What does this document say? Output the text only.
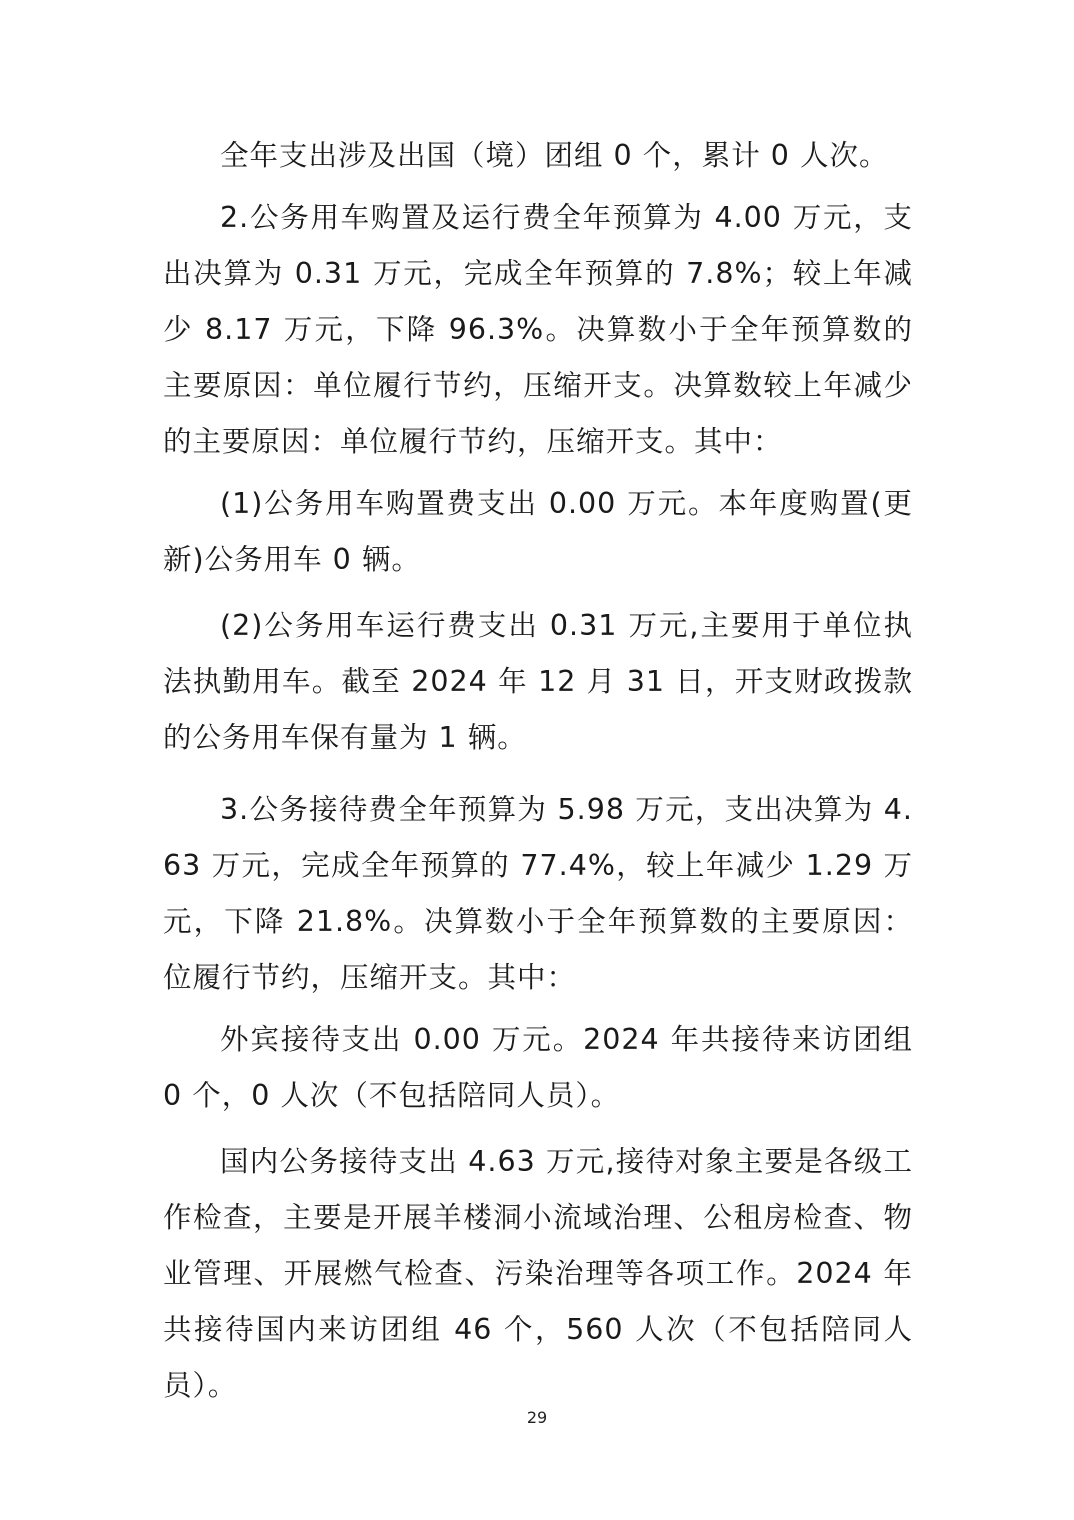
全年支出涉及出国（境）团组 0 个，累计 0 人次。

2.公务用车购置及运行费全年预算为 4.00 万元，支出决算为 0.31 万元，完成全年预算的 7.8%；较上年减少 8.17 万元，下降 96.3%。决算数小于全年预算数的主要原因：单位履行节约，压缩开支。决算数较上年减少的主要原因：单位履行节约，压缩开支。其中：

(1)公务用车购置费支出 0.00 万元。本年度购置(更新)公务用车 0 辆。

(2)公务用车运行费支出 0.31 万元,主要用于单位执法执勤用车。截至 2024 年 12 月 31 日，开支财政拨款的公务用车保有量为 1 辆。

3.公务接待费全年预算为 5.98 万元，支出决算为 4.63 万元，完成全年预算的 77.4%，较上年减少 1.29 万元，下降 21.8%。决算数小于全年预算数的主要原因：位履行节约，压缩开支。其中：

外宾接待支出 0.00 万元。2024 年共接待来访团组 0 个，0 人次（不包括陪同人员）。

国内公务接待支出 4.63 万元,接待对象主要是各级工作检查，主要是开展羊楼洞小流域治理、公租房检查、物业管理、开展燃气检查、污染治理等各项工作。2024 年共接待国内来访团组 46 个，560 人次（不包括陪同人员）。

29
